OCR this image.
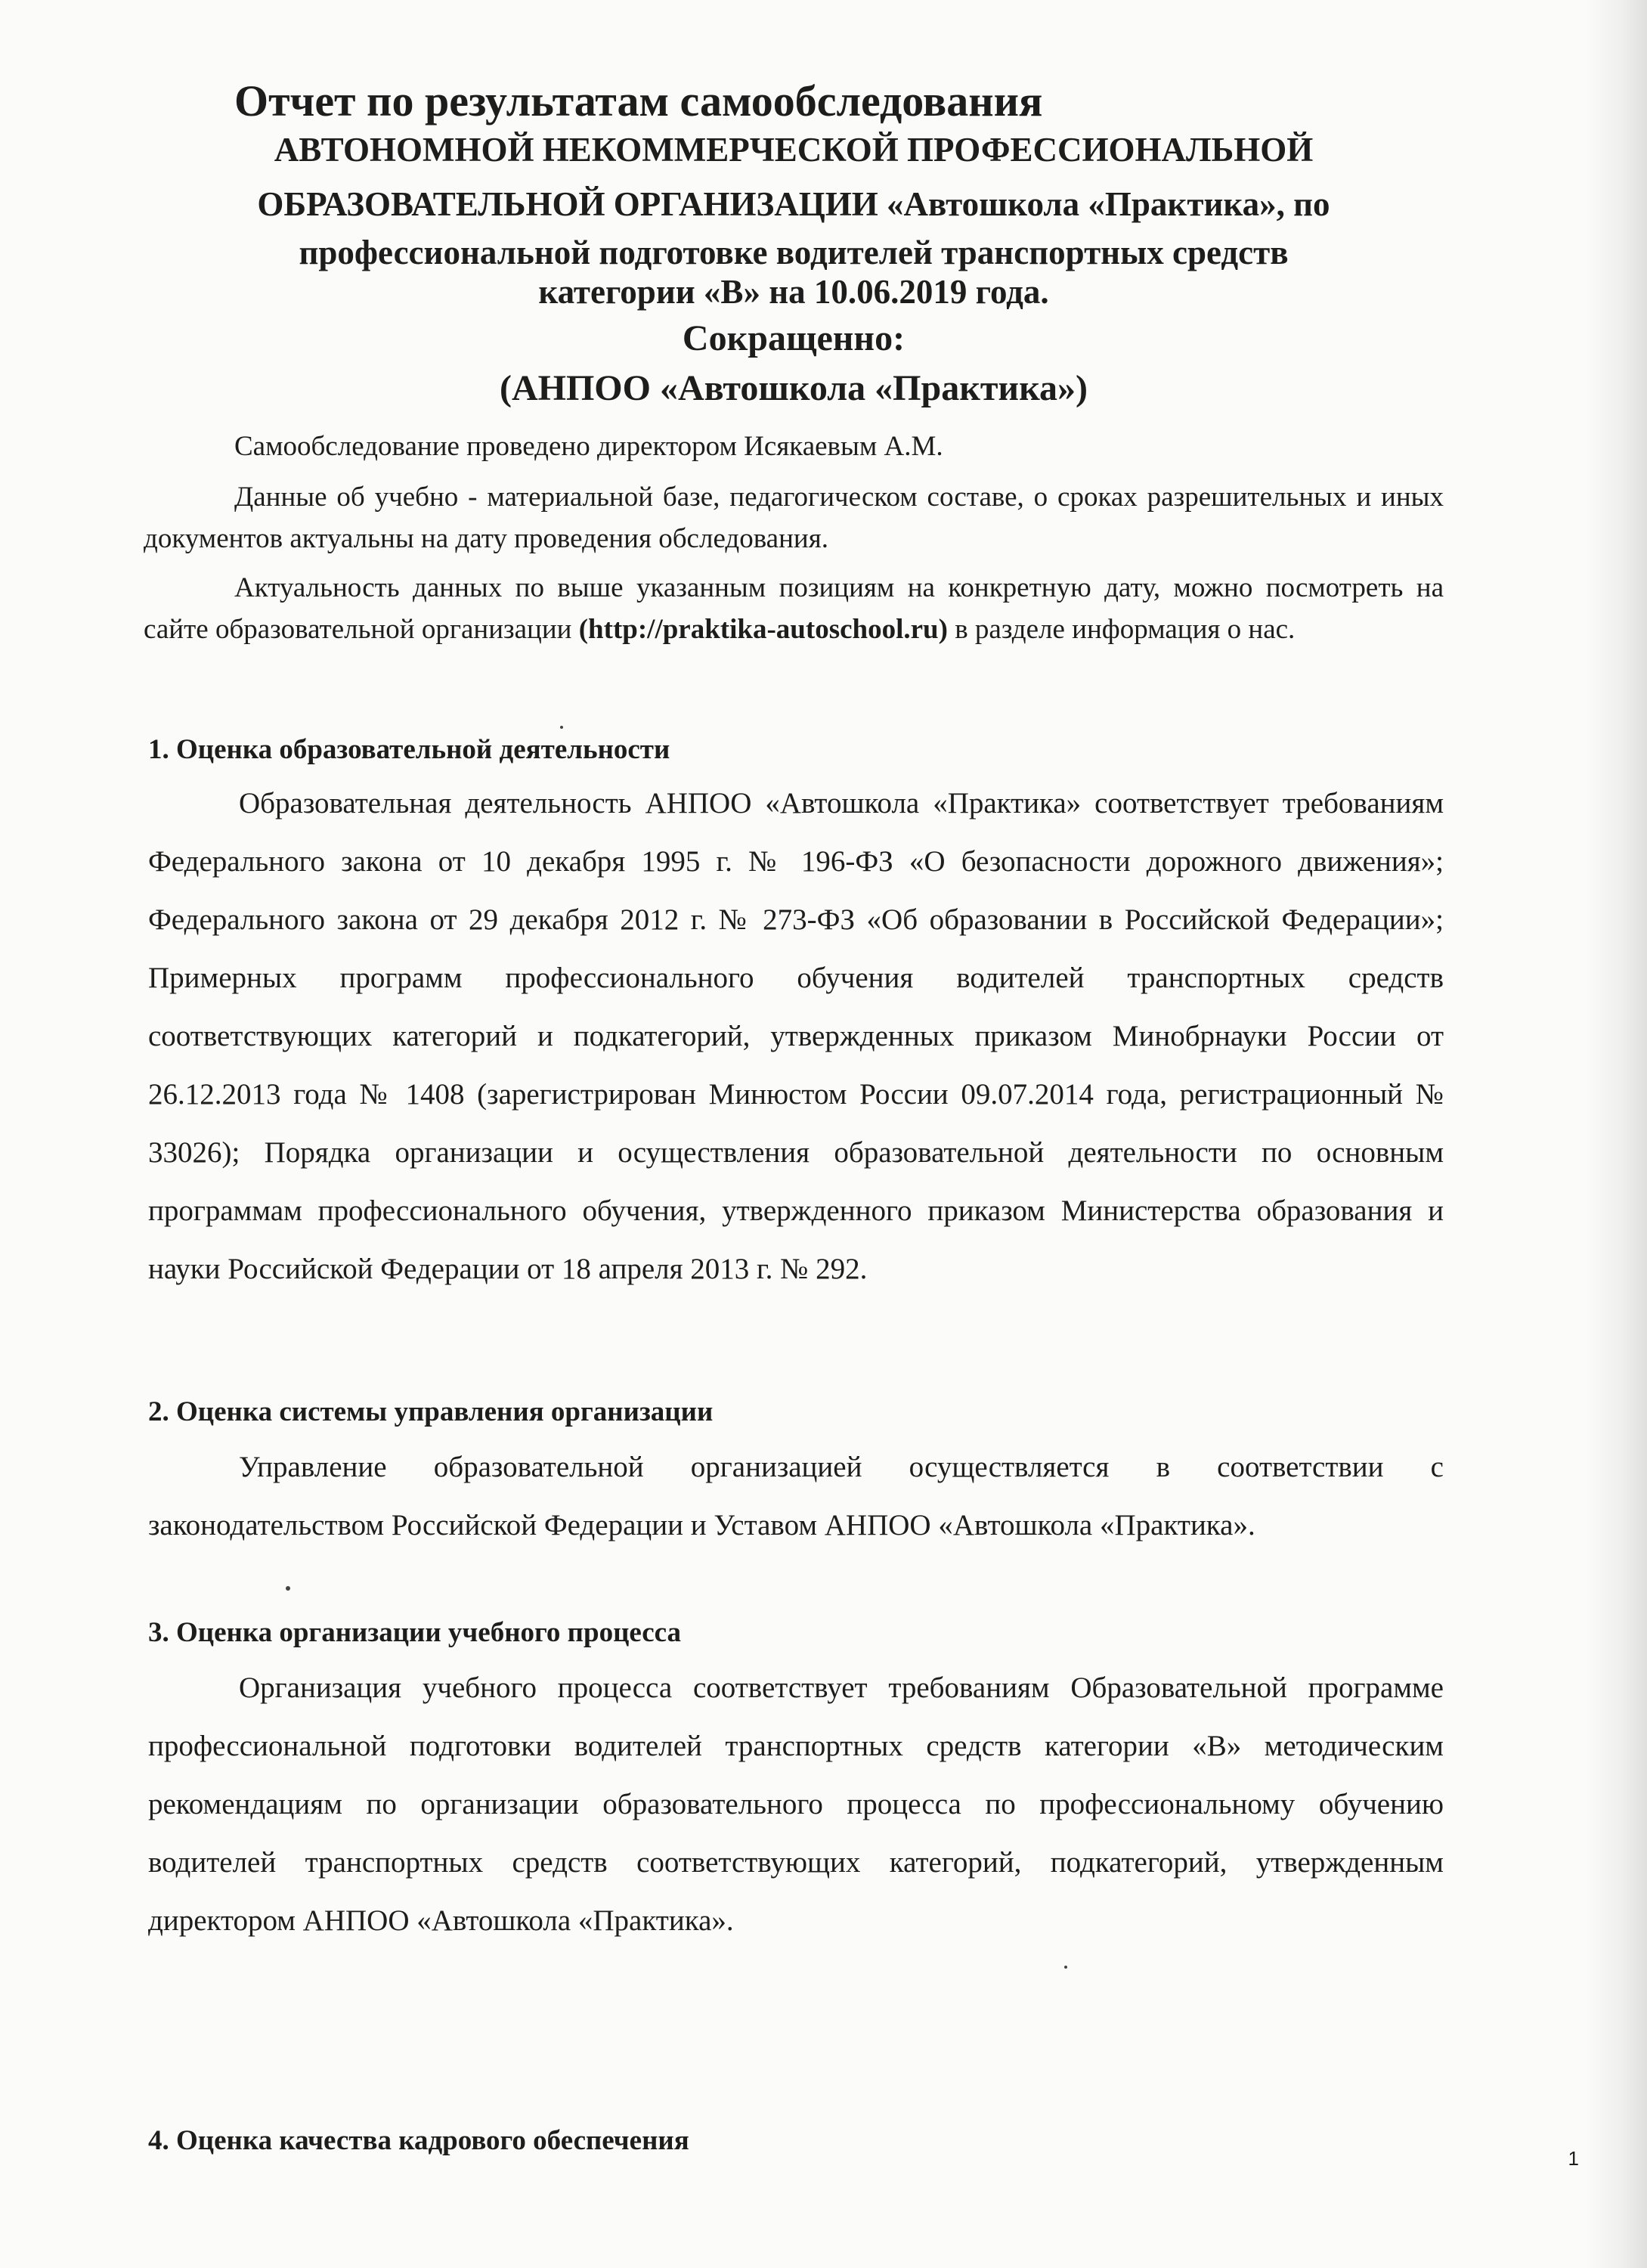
Отчет по результатам самообследования
АВТОНОМНОЙ НЕКОММЕРЧЕСКОЙ ПРОФЕССИОНАЛЬНОЙ
ОБРАЗОВАТЕЛЬНОЙ ОРГАНИЗАЦИИ «Автошкола «Практика», по
профессиональной подготовке водителей транспортных средств
категории «В» на 10.06.2019 года.
Сокращенно:
(АНПОО «Автошкола «Практика»)
Самообследование проведено директором Исякаевым А.М.
Данные об учебно - материальной базе, педагогическом составе, о сроках разрешительных и иных документов актуальны на дату проведения обследования.
Актуальность данных по выше указанным позициям на конкретную дату, можно посмотреть на сайте образовательной организации (http://praktika-autoschool.ru) в разделе информация о нас.
1. Оценка образовательной деятельности
Образовательная деятельность АНПОО «Автошкола «Практика» соответствует требованиям Федерального закона от 10 декабря 1995 г. № 196-ФЗ «О безопасности дорожного движения»; Федерального закона от 29 декабря 2012 г. № 273-ФЗ «Об образовании в Российской Федерации»; Примерных программ профессионального обучения водителей транспортных средств соответствующих категорий и подкатегорий, утвержденных приказом Минобрнауки России от 26.12.2013 года № 1408 (зарегистрирован Минюстом России 09.07.2014 года, регистрационный № 33026); Порядка организации и осуществления образовательной деятельности по основным программам профессионального обучения, утвержденного приказом Министерства образования и науки Российской Федерации от 18 апреля 2013 г. № 292.
2. Оценка системы управления организации
Управление образовательной организацией осуществляется в соответствии с законодательством Российской Федерации и Уставом АНПОО «Автошкола «Практика».
3. Оценка организации учебного процесса
Организация учебного процесса соответствует требованиям Образовательной программе профессиональной подготовки водителей транспортных средств категории «В» методическим рекомендациям по организации образовательного процесса по профессиональному обучению водителей транспортных средств соответствующих категорий, подкатегорий, утвержденным директором АНПОО «Автошкола «Практика».
4. Оценка качества кадрового обеспечения
1
